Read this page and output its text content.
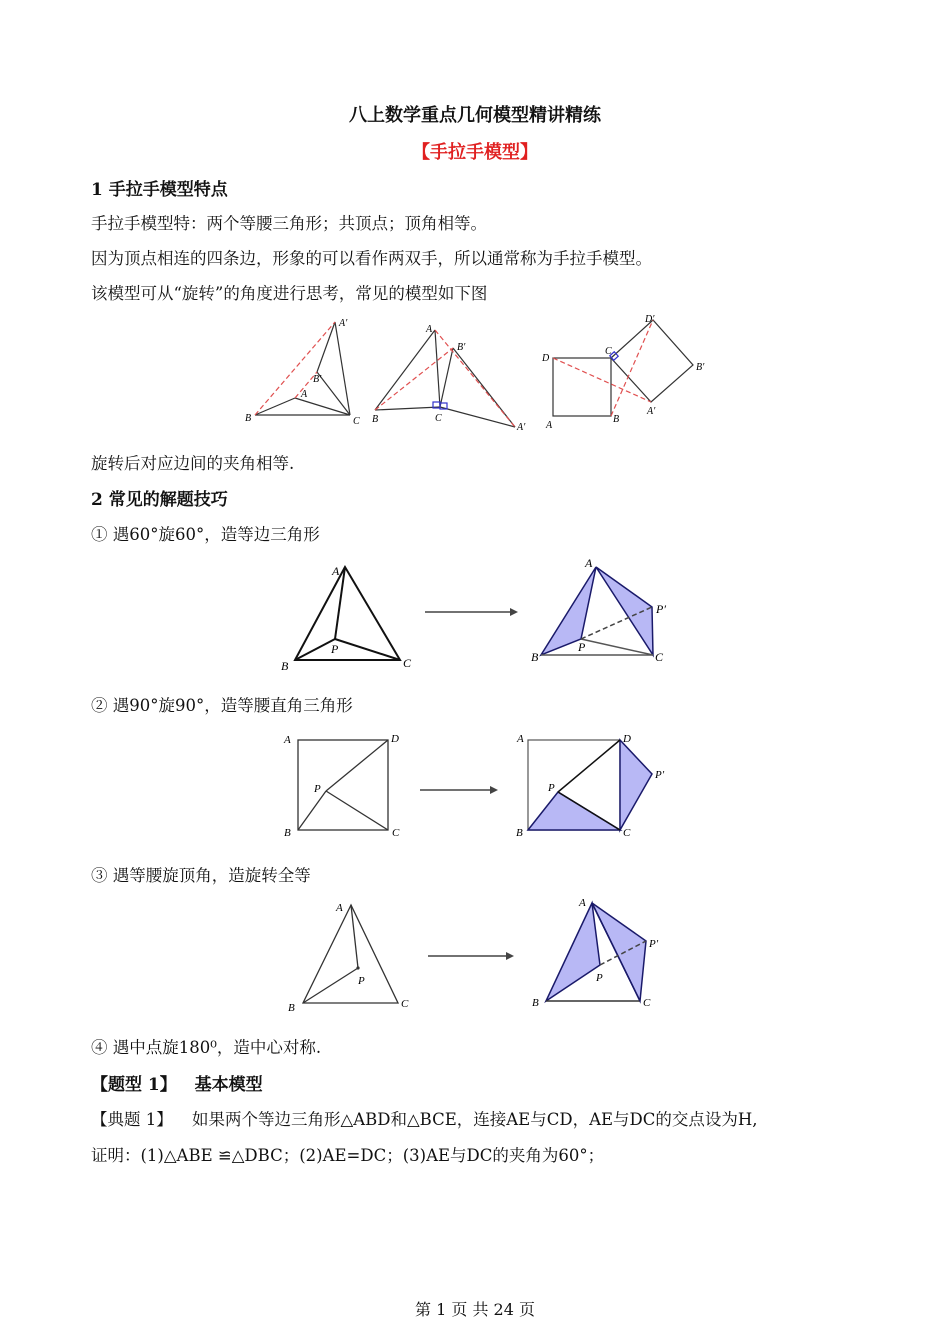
八上数学重点几何模型精讲精练
【手拉手模型】
1 手拉手模型特点
手拉手模型特：两个等腰三角形；共顶点；顶角相等。
因为顶点相连的四条边，形象的可以看作两双手，所以通常称为手拉手模型。
该模型可从“旋转”的角度进行思考，常见的模型如下图
B	C
A
A′
B′
B	C
A
B′
A′
D
C
A
B
D′
B′
A′
旋转后对应边间的夹角相等.
2 常见的解题技巧
① 遇60°旋60°，造等边三角形
A
B	C
P
A
B	C
P
P′
② 遇90°旋90°，造等腰直角三角形
A	D
B	C
P
A	D
B	C
P
P′
③ 遇等腰旋顶角，造旋转全等
A
B	C
P
A
B	C
P
P′
④ 遇中点旋180⁰，造中心对称.
【题型 1】 基本模型
【典题 1】 如果两个等边三角形△ABD和△BCE，连接AE与CD，AE与DC的交点设为H,
证明：(1)△ABE ≌△DBC；(2)AE=DC；(3)AE与DC的夹角为60°；
第 1 页 共 24 页
